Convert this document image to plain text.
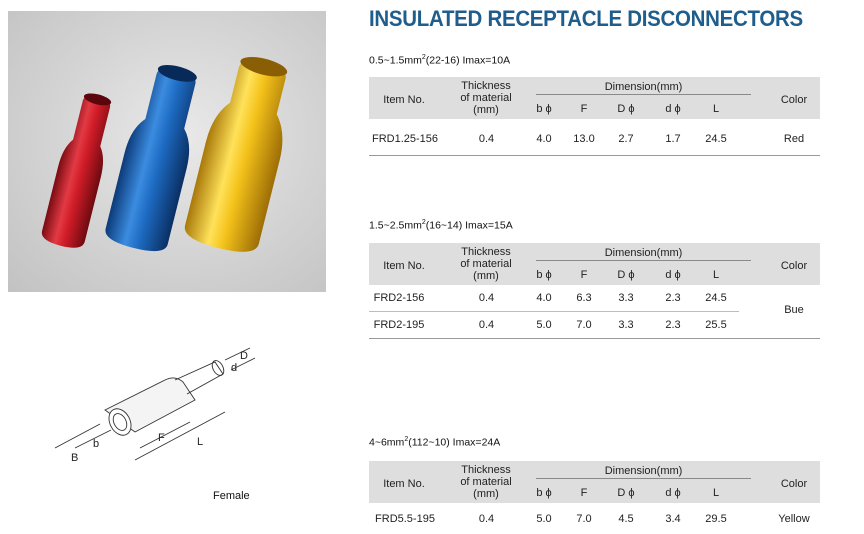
B
b	F	L
d
D
Female
INSULATED RECEPTACLE DISCONNECTORS
$0.5\sim 1.5mm^2(22-16)$ Imax=10A
Item No.
Thickness
of material
(mm)
Dimension(mm)
b ϕ	F	D ϕ	d ϕ	L
Color
FRD1.25-156	0.4	4.0	13.0	2.7	1.7	24.5	Red
$1.5\sim 2.5mm^2(16\sim 14)$ Imax=15A
Item No.
Thickness
of material
(mm)
Dimension(mm)
b ϕ	F	D ϕ	d ϕ	L
Color
FRD2-156	0.4	4.0	6.3	3.3	2.3	24.5
FRD2-195	0.4	5.0	7.0	3.3	2.3	25.5
Bue
$4\sim 6mm^2(112\sim 10)$ Imax=24A
Item No.
Thickness
of material
(mm)
Dimension(mm)
b ϕ	F	D ϕ	d ϕ	L
Color
FRD5.5-195	0.4	5.0	7.0	4.5	3.4	29.5	Yellow
